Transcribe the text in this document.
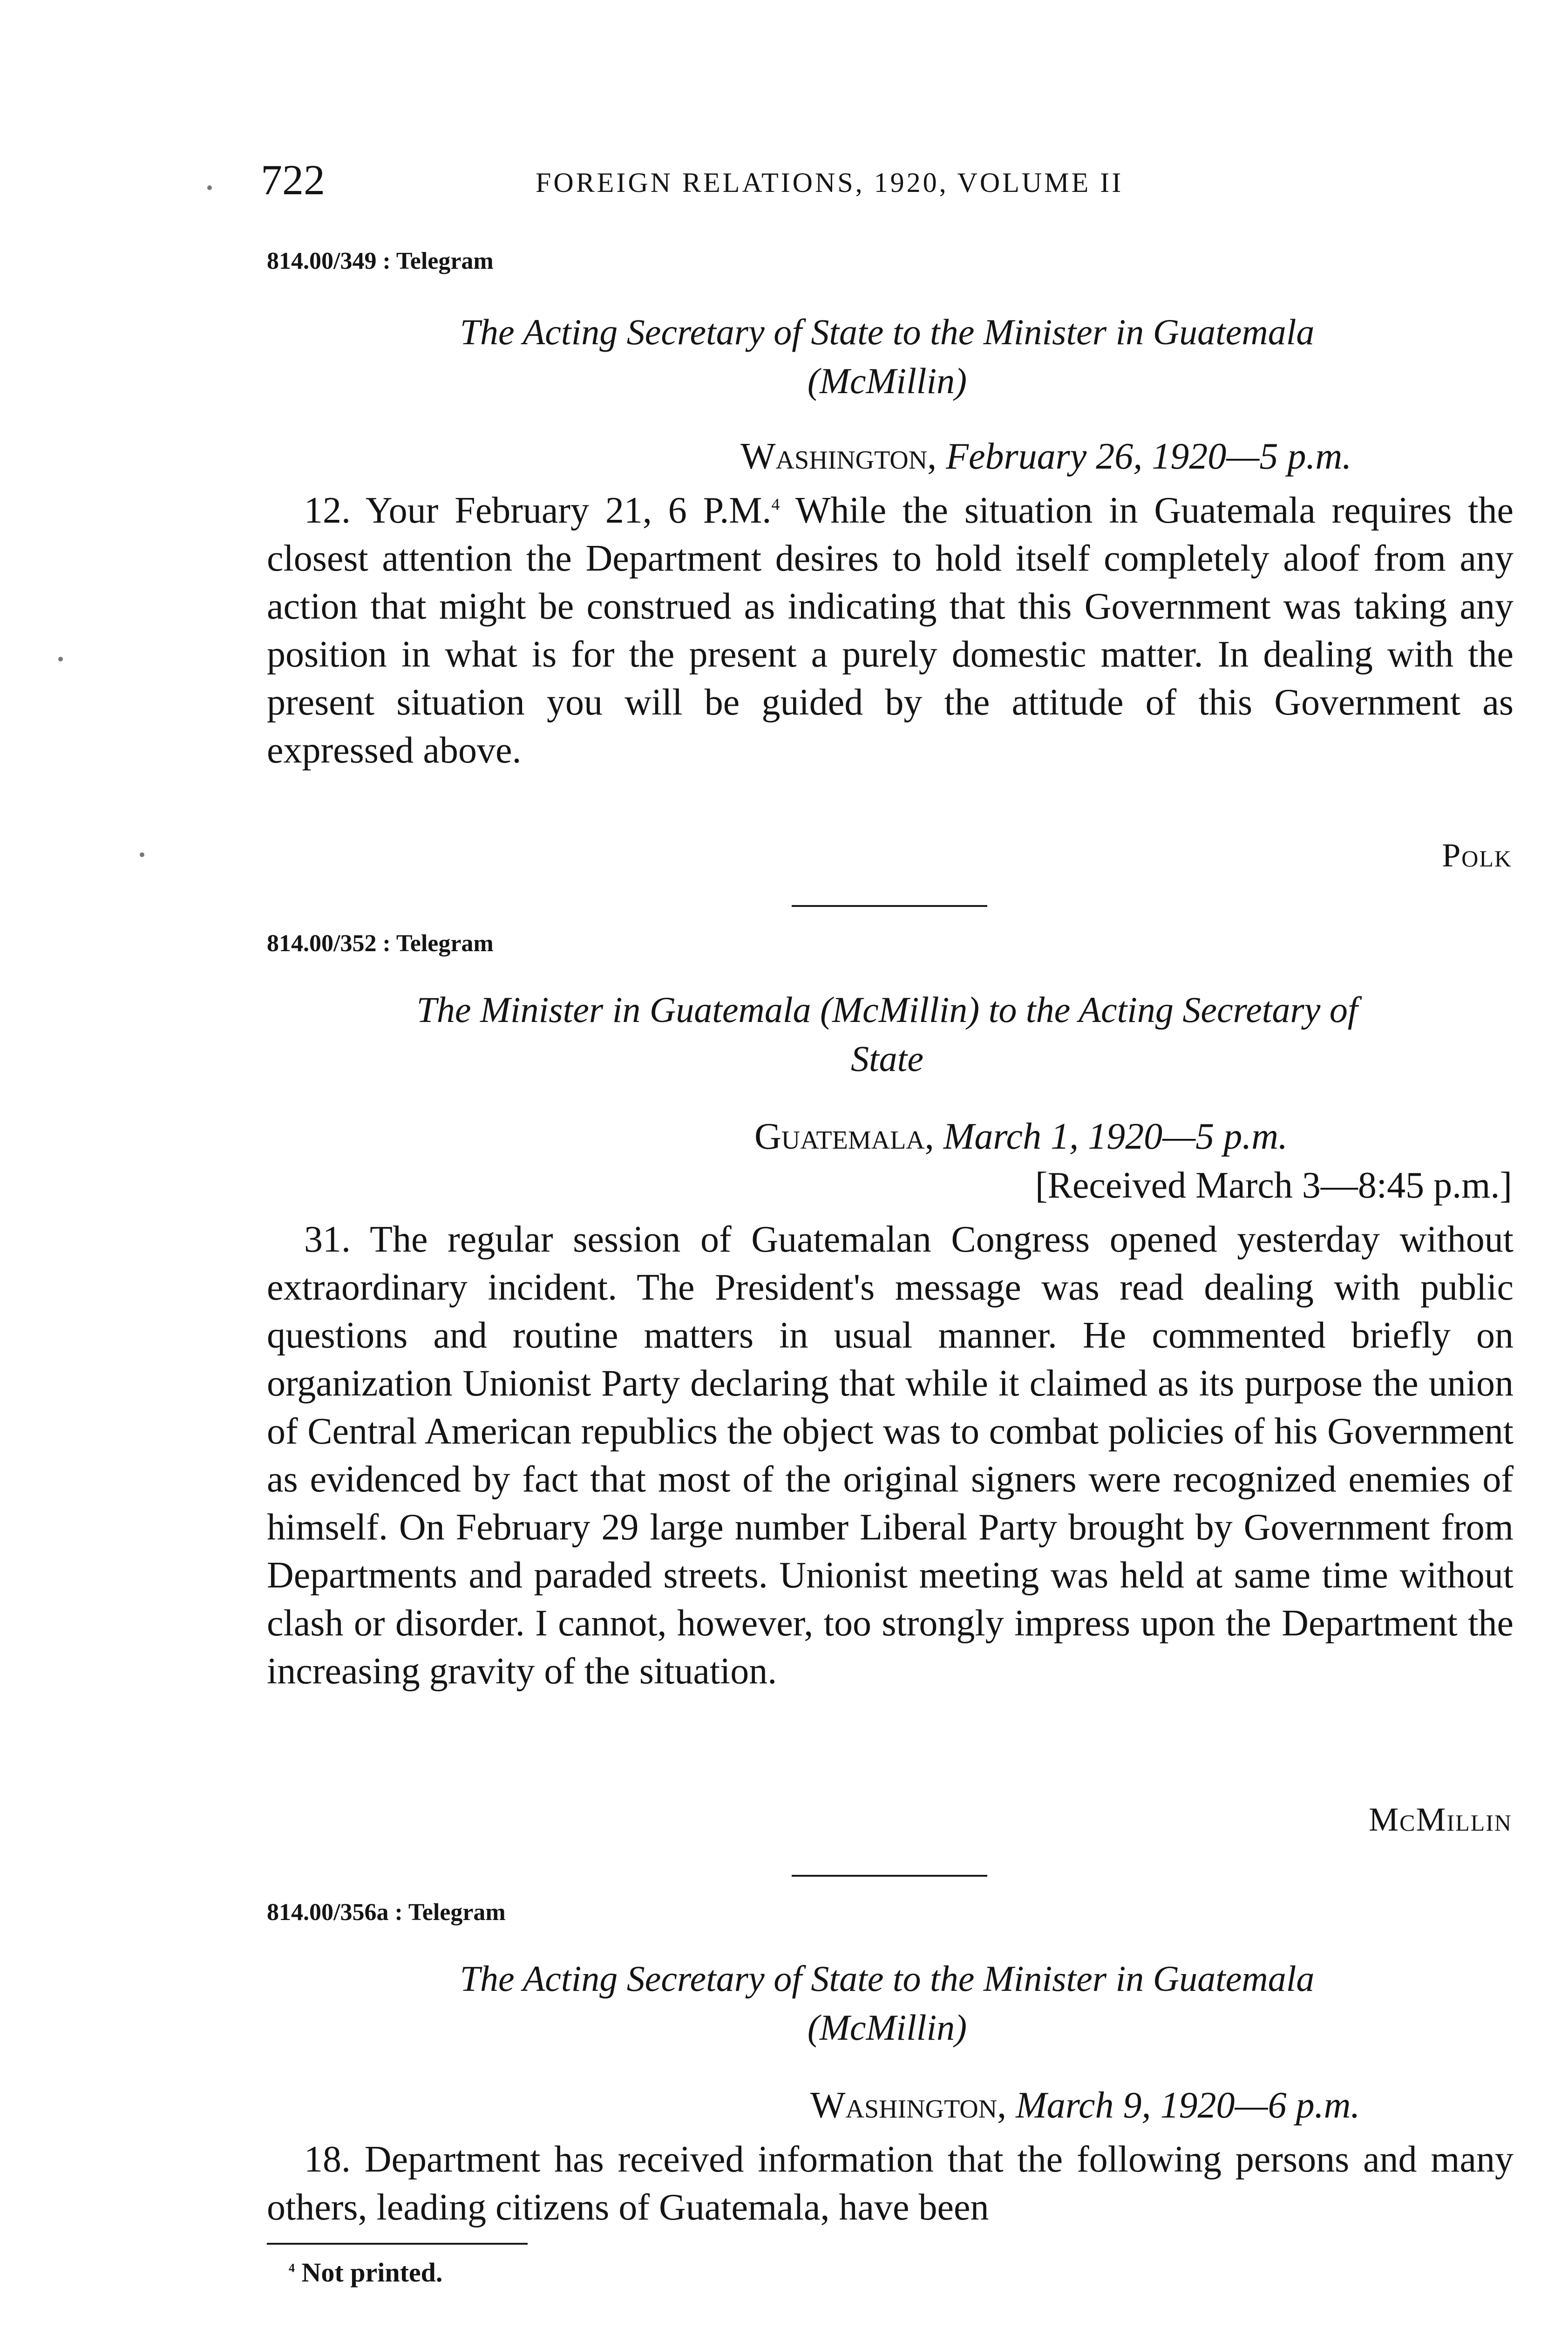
722	FOREIGN RELATIONS, 1920, VOLUME II
814.00/349 : Telegram
The Acting Secretary of State to the Minister in Guatemala
(McMillin)
Washington, February 26, 1920—5 p.m.
12. Your February 21, 6 P.M.$^4$ While the situation in Guatemala requires the closest attention the Department desires to hold itself completely aloof from any action that might be construed as indicating that this Government was taking any position in what is for the present a purely domestic matter. In dealing with the present situation you will be guided by the attitude of this Government as expressed above.
Polk
814.00/352 : Telegram
The Minister in Guatemala (McMillin) to the Acting Secretary of
State
Guatemala, March 1, 1920—5 p.m.
[Received March 3—8:45 p.m.]
31. The regular session of Guatemalan Congress opened yesterday without extraordinary incident. The President's message was read dealing with public questions and routine matters in usual manner. He commented briefly on organization Unionist Party declaring that while it claimed as its purpose the union of Central American republics the object was to combat policies of his Government as evidenced by fact that most of the original signers were recognized enemies of himself. On February 29 large number Liberal Party brought by Government from Departments and paraded streets. Unionist meeting was held at same time without clash or disorder. I cannot, however, too strongly impress upon the Department the increasing gravity of the situation.
McMillin
814.00/356a : Telegram
The Acting Secretary of State to the Minister in Guatemala
(McMillin)
Washington, March 9, 1920—6 p.m.
18. Department has received information that the following persons and many others, leading citizens of Guatemala, have been
$^4$ Not printed.
